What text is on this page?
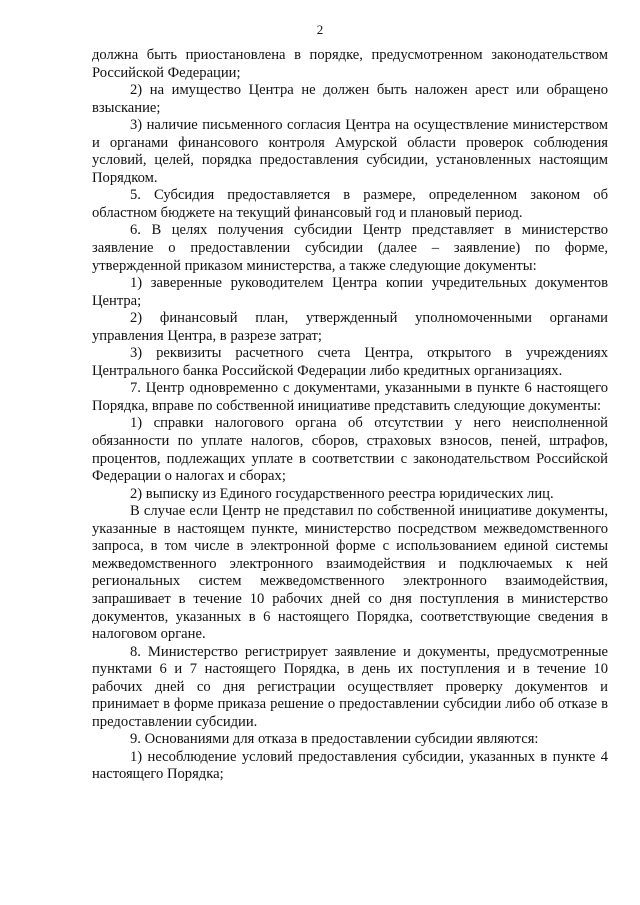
2

должна быть приостановлена в порядке, предусмотренном законодательством Российской Федерации;

2) на имущество Центра не должен быть наложен арест или обращено взыскание;

3) наличие письменного согласия Центра на осуществление министерством и органами финансового контроля Амурской области проверок соблюдения условий, целей, порядка предоставления субсидии, установленных настоящим Порядком.

5. Субсидия предоставляется в размере, определенном законом об областном бюджете на текущий финансовый год и плановый период.

6. В целях получения субсидии Центр представляет в министерство заявление о предоставлении субсидии (далее – заявление) по форме, утвержденной приказом министерства, а также следующие документы:

1) заверенные руководителем Центра копии учредительных документов Центра;

2) финансовый план, утвержденный уполномоченными органами управления Центра, в разрезе затрат;

3) реквизиты расчетного счета Центра, открытого в учреждениях Центрального банка Российской Федерации либо кредитных организациях.

7. Центр одновременно с документами, указанными в пункте 6 настоящего Порядка, вправе по собственной инициативе представить следующие документы:

1) справки налогового органа об отсутствии у него неисполненной обязанности по уплате налогов, сборов, страховых взносов, пеней, штрафов, процентов, подлежащих уплате в соответствии с законодательством Российской Федерации о налогах и сборах;

2) выписку из Единого государственного реестра юридических лиц.

В случае если Центр не представил по собственной инициативе документы, указанные в настоящем пункте, министерство посредством межведомственного запроса, в том числе в электронной форме с использованием единой системы межведомственного электронного взаимодействия и подключаемых к ней региональных систем межведомственного электронного взаимодействия, запрашивает в течение 10 рабочих дней со дня поступления в министерство документов, указанных в 6 настоящего Порядка, соответствующие сведения в налоговом органе.

8. Министерство регистрирует заявление и документы, предусмотренные пунктами 6 и 7 настоящего Порядка, в день их поступления и в течение 10 рабочих дней со дня регистрации осуществляет проверку документов и принимает в форме приказа решение о предоставлении субсидии либо об отказе в предоставлении субсидии.

9. Основаниями для отказа в предоставлении субсидии являются:

1) несоблюдение условий предоставления субсидии, указанных в пункте 4 настоящего Порядка;
